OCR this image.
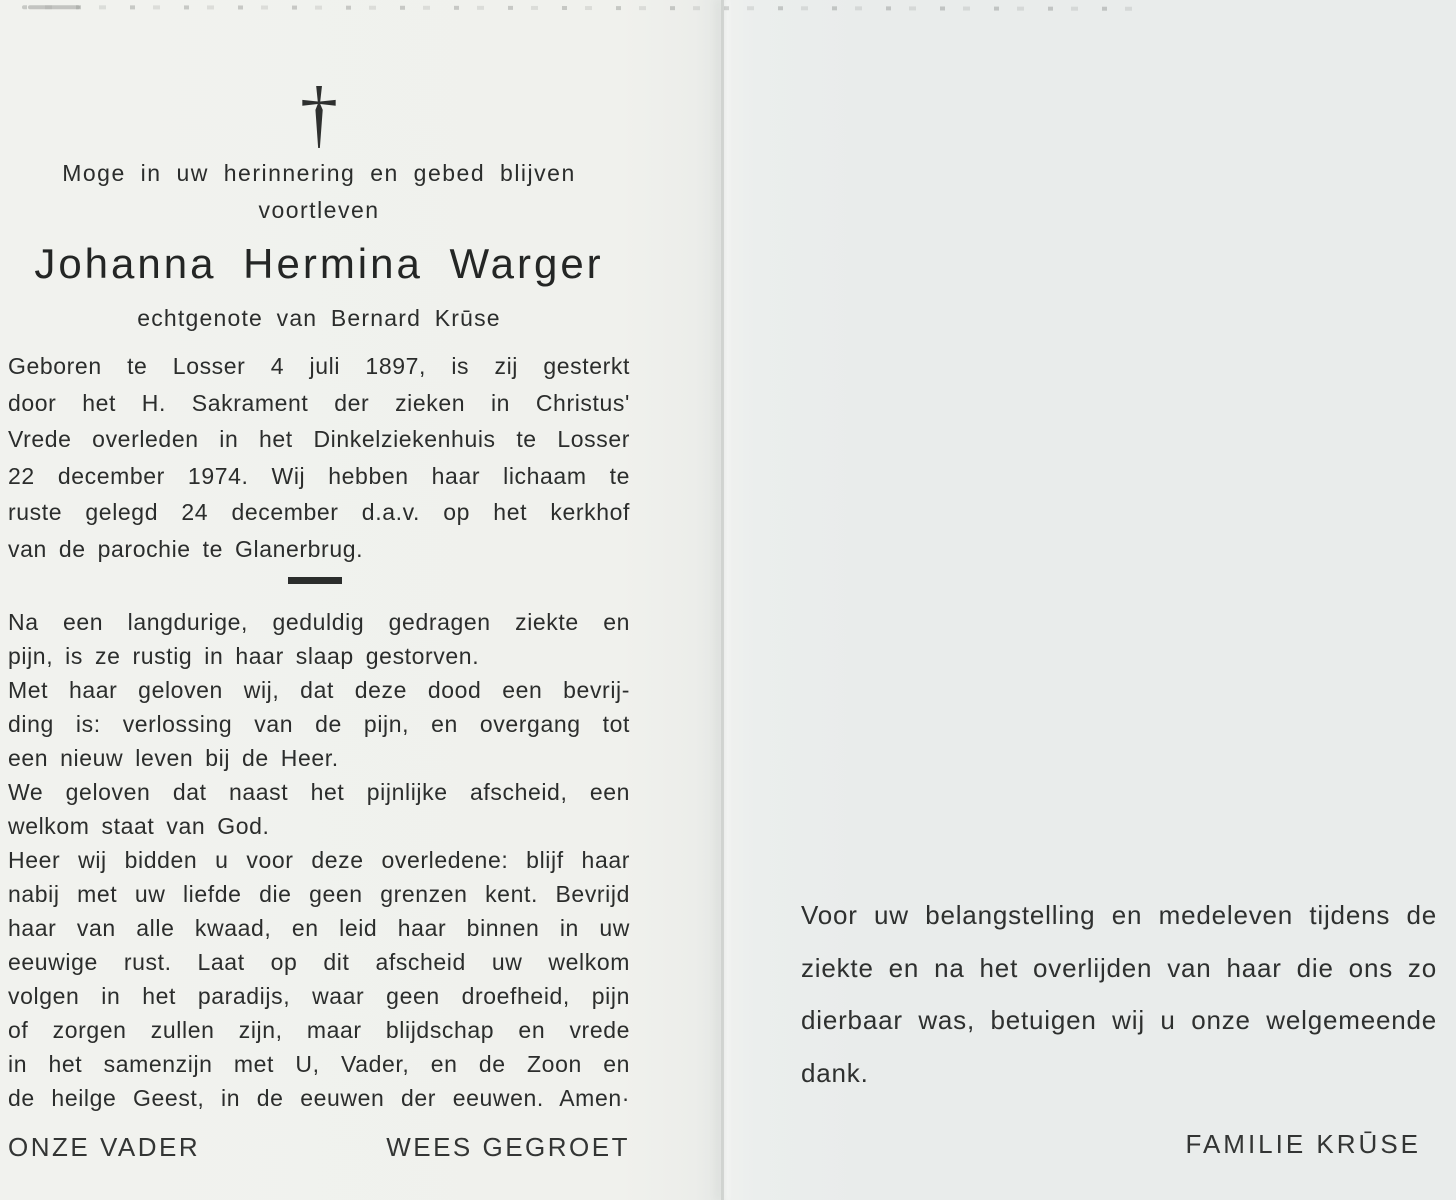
†
Moge in uw herinnering en gebed blijven
voortleven
Johanna Hermina Warger
echtgenote van Bernard Krūse
Geboren te Losser 4 juli 1897, is zij gesterkt
door het H. Sakrament der zieken in Christus'
Vrede overleden in het Dinkelziekenhuis te Losser
22 december 1974. Wij hebben haar lichaam te
ruste gelegd 24 december d.a.v. op het kerkhof
van de parochie te Glanerbrug.
Na een langdurige, geduldig gedragen ziekte en
pijn, is ze rustig in haar slaap gestorven.
Met haar geloven wij, dat deze dood een bevrij-
ding is: verlossing van de pijn, en overgang tot
een nieuw leven bij de Heer.
We geloven dat naast het pijnlijke afscheid, een
welkom staat van God.
Heer wij bidden u voor deze overledene: blijf haar
nabij met uw liefde die geen grenzen kent. Bevrijd
haar van alle kwaad, en leid haar binnen in uw
eeuwige rust. Laat op dit afscheid uw welkom
volgen in het paradijs, waar geen droefheid, pijn
of zorgen zullen zijn, maar blijdschap en vrede
in het samenzijn met U, Vader, en de Zoon en
de heilge Geest, in de eeuwen der eeuwen. Amen·
ONZE VADER	WEES GEGROET
Voor uw belangstelling en medeleven tijdens de
ziekte en na het overlijden van haar die ons zo
dierbaar was, betuigen wij u onze welgemeende
dank.
FAMILIE KRŪSE
